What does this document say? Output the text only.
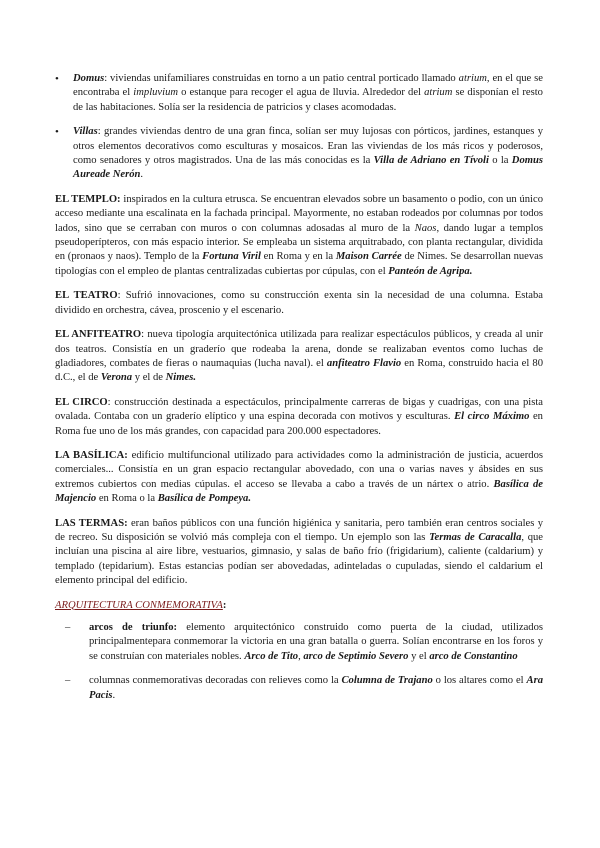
• Domus: viviendas unifamiliares construidas en torno a un patio central porticado llamado atrium, en el que se encontraba el impluvium o estanque para recoger el agua de lluvia. Alrededor del atrium se disponían el resto de las habitaciones. Solía ser la residencia de patricios y clases acomodadas.
• Villas: grandes viviendas dentro de una gran finca, solían ser muy lujosas con pórticos, jardines, estanques y otros elementos decorativos como esculturas y mosaicos. Eran las viviendas de los más ricos y poderosos, como senadores y otros magistrados. Una de las más conocidas es la Villa de Adriano en Tívoli o la Domus Aureade Nerón.

EL TEMPLO: inspirados en la cultura etrusca. Se encuentran elevados sobre un basamento o podio, con un único acceso mediante una escalinata en la fachada principal. Mayormente, no estaban rodeados por columnas por todos lados, sino que se cerraban con muros o con columnas adosadas al muro de la Naos, dando lugar a templos pseudoperípteros, con más espacio interior. Se empleaba un sistema arquitrabado, con planta rectangular, dividida en (pronaos y naos). Templo de la Fortuna Viril en Roma y en la Maison Carrée de Nimes. Se desarrollan nuevas tipologías con el empleo de plantas centralizadas cubiertas por cúpulas, con el Panteón de Agripa.

EL TEATRO: Sufrió innovaciones, como su construcción exenta sin la necesidad de una columna. Estaba dividido en orchestra, cávea, proscenio y el escenario.

EL ANFITEATRO: nueva tipología arquitectónica utilizada para realizar espectáculos públicos, y creada al unir dos teatros. Consistía en un graderío que rodeaba la arena, donde se realizaban eventos como luchas de gladiadores, combates de fieras o naumaquias (lucha naval). el anfiteatro Flavio en Roma, construido hacia el 80 d.C., el de Verona y el de Nimes.

EL CIRCO: construcción destinada a espectáculos, principalmente carreras de bigas y cuadrigas, con una pista ovalada. Contaba con un graderío elíptico y una espina decorada con motivos y esculturas. El circo Máximo en Roma fue uno de los más grandes, con capacidad para 200.000 espectadores.

LA BASÍLICA: edificio multifuncional utilizado para actividades como la administración de justicia, acuerdos comerciales... Consistía en un gran espacio rectangular abovedado, con una o varias naves y ábsides en sus extremos cubiertos con medias cúpulas. el acceso se llevaba a cabo a través de un nártex o atrio. Basílica de Majencio en Roma o la Basílica de Pompeya.

LAS TERMAS: eran baños públicos con una función higiénica y sanitaria, pero también eran centros sociales y de recreo. Su disposición se volvió más compleja con el tiempo. Un ejemplo son las Termas de Caracalla, que incluían una piscina al aire libre, vestuarios, gimnasio, y salas de baño frío (frigidarium), caliente (caldarium) y templado (tepidarium). Estas estancias podían ser abovedadas, adinteladas o cupuladas, siendo el caldarium el elemento principal del edificio.

ARQUITECTURA CONMEMORATIVA:

– arcos de triunfo: elemento arquitectónico construido como puerta de la ciudad, utilizados principalmentepara conmemorar la victoria en una gran batalla o guerra. Solían encontrarse en los foros y se construían con materiales nobles. Arco de Tito, arco de Septimio Severo y el arco de Constantino
– columnas conmemorativas decoradas con relieves como la Columna de Trajano o los altares como el Ara Pacis.
